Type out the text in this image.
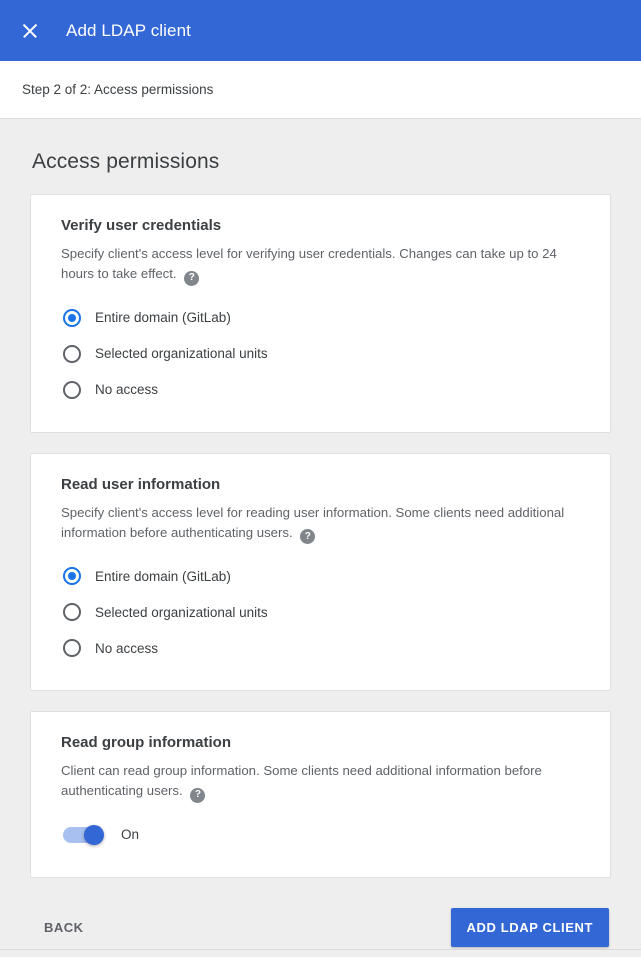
Add LDAP client
Step 2 of 2: Access permissions
Access permissions
Verify user credentials

Specify client's access level for verifying user credentials. Changes can take up to 24 hours to take effect. ?

Entire domain (GitLab)
Selected organizational units
No access
Read user information

Specify client's access level for reading user information. Some clients need additional information before authenticating users. ?

Entire domain (GitLab)
Selected organizational units
No access
Read group information

Client can read group information. Some clients need additional information before authenticating users. ?

On
BACK	ADD LDAP CLIENT
